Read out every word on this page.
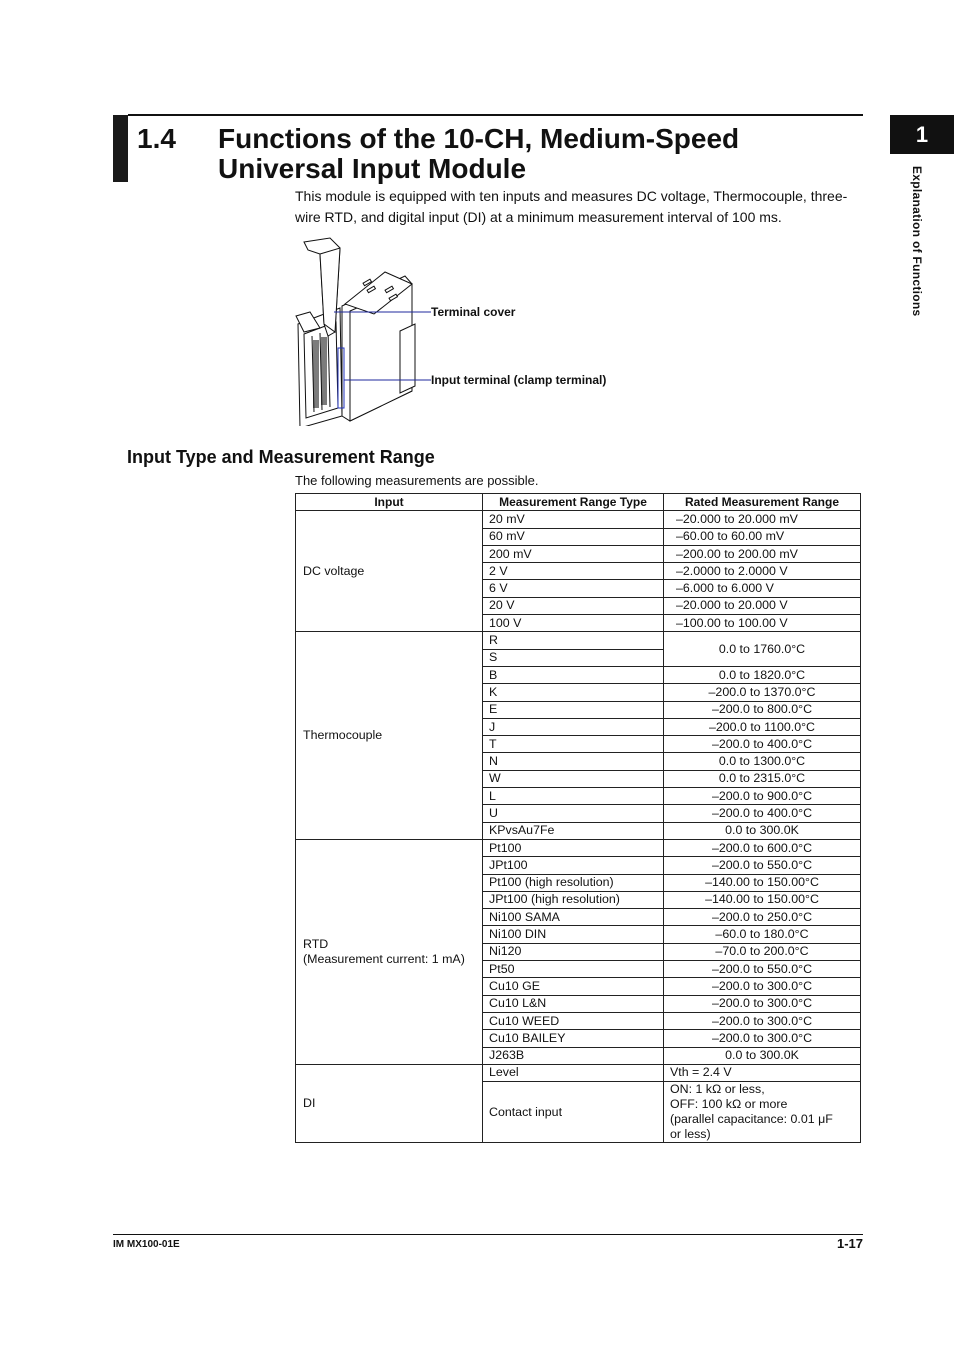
1.4 Functions of the 10-CH, Medium-Speed Universal Input Module
This module is equipped with ten inputs and measures DC voltage, Thermocouple, three-wire RTD, and digital input (DI) at a minimum measurement interval of 100 ms.
1
Explanation of Functions
Terminal cover
Input terminal (clamp terminal)
Input Type and Measurement Range
The following measurements are possible.
Input	Measurement Range Type	Rated Measurement Range
DC voltage	20 mV	–20.000 to 20.000 mV
	60 mV	–60.00 to 60.00 mV
	200 mV	–200.00 to 200.00 mV
	2 V	–2.0000 to 2.0000 V
	6 V	–6.000 to 6.000 V
	20 V	–20.000 to 20.000 V
	100 V	–100.00 to 100.00 V
Thermocouple	R	0.0 to 1760.0°C
	S	
	B	0.0 to 1820.0°C
	K	–200.0 to 1370.0°C
	E	–200.0 to 800.0°C
	J	–200.0 to 1100.0°C
	T	–200.0 to 400.0°C
	N	0.0 to 1300.0°C
	W	0.0 to 2315.0°C
	L	–200.0 to 900.0°C
	U	–200.0 to 400.0°C
	KPvsAu7Fe	0.0 to 300.0K
RTD
(Measurement current: 1 mA)	Pt100	–200.0 to 600.0°C
	JPt100	–200.0 to 550.0°C
	Pt100 (high resolution)	–140.00 to 150.00°C
	JPt100 (high resolution)	–140.00 to 150.00°C
	Ni100 SAMA	–200.0 to 250.0°C
	Ni100 DIN	–60.0 to 180.0°C
	Ni120	–70.0 to 200.0°C
	Pt50	–200.0 to 550.0°C
	Cu10 GE	–200.0 to 300.0°C
	Cu10 L&N	–200.0 to 300.0°C
	Cu10 WEED	–200.0 to 300.0°C
	Cu10 BAILEY	–200.0 to 300.0°C
	J263B	0.0 to 300.0K
DI	Level	Vth = 2.4 V
	Contact input	ON: 1 kΩ or less,
OFF: 100 kΩ or more
(parallel capacitance: 0.01 μF
or less)
IM MX100-01E	1-17
